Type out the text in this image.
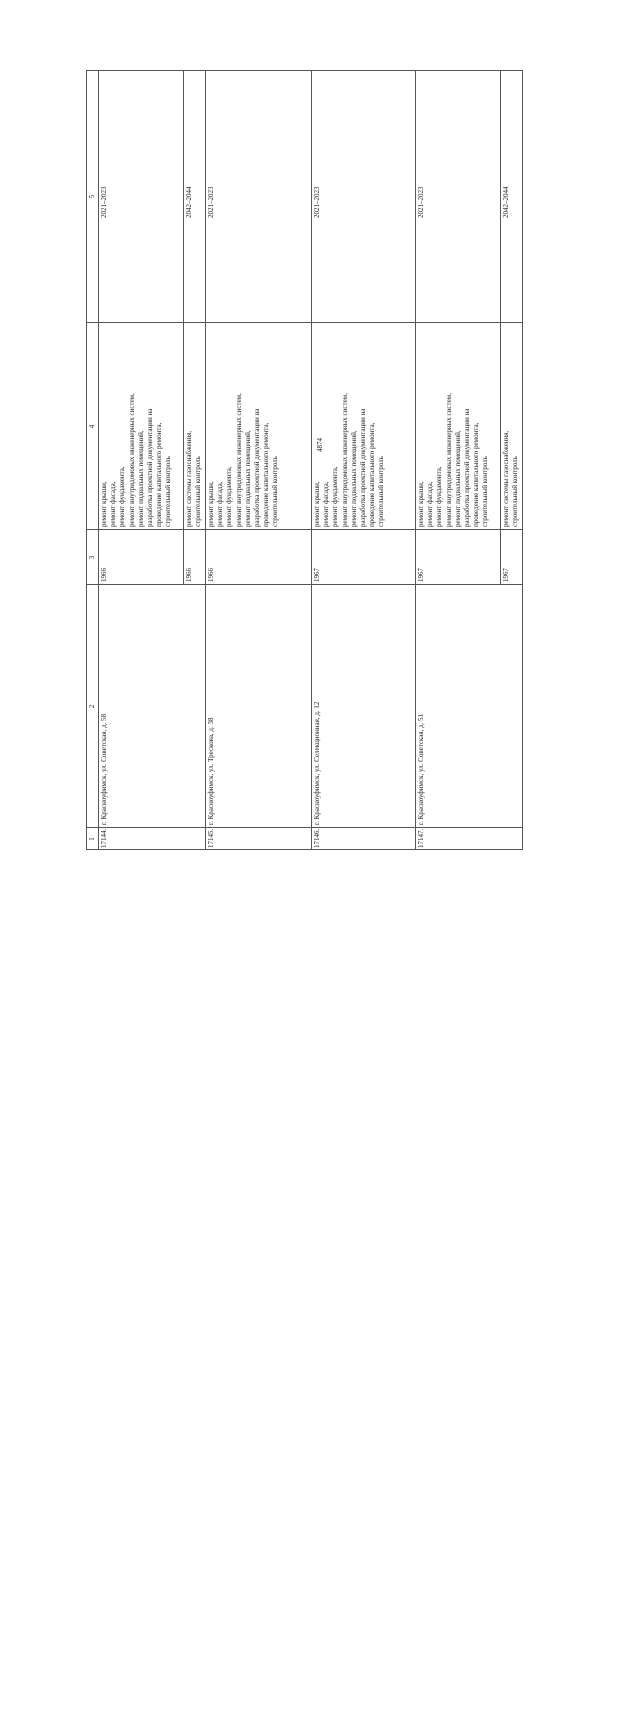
4874
1
2
3
4
5
17144.
г. Красноуфимск, ул. Советская, д. 58
1966
ремонт крыши, ремонт фасада, ремонт фундамента, ремонт внутридомовых инженерных систем, ремонт подвальных помещений, разработка проектной документации на проведение капитального ремонта, строительный контроль
2021–2023
1966
ремонт системы газоснабжения, строительный контроль
2042–2044
17145.
г. Красноуфимск, ул. Трескова, д. 38
1966
ремонт крыши, ремонт фасада, ремонт фундамента, ремонт внутридомовых инженерных систем, ремонт подвальных помещений, разработка проектной документации на проведение капитального ремонта, строительный контроль
2021–2023
17146.
г. Красноуфимск, ул. Селекционная, д. 12
1967
ремонт крыши, ремонт фасада, ремонт фундамента, ремонт внутридомовых инженерных систем, ремонт подвальных помещений, разработка проектной документации на проведение капитального ремонта, строительный контроль
2021–2023
17147.
г. Красноуфимск, ул. Советская, д. 51
1967
ремонт крыши, ремонт фасада, ремонт фундамента, ремонт внутридомовых инженерных систем, ремонт подвальных помещений, разработка проектной документации на проведение капитального ремонта, строительный контроль
2021–2023
1967
ремонт системы газоснабжения, строительный контроль
2042–2044
